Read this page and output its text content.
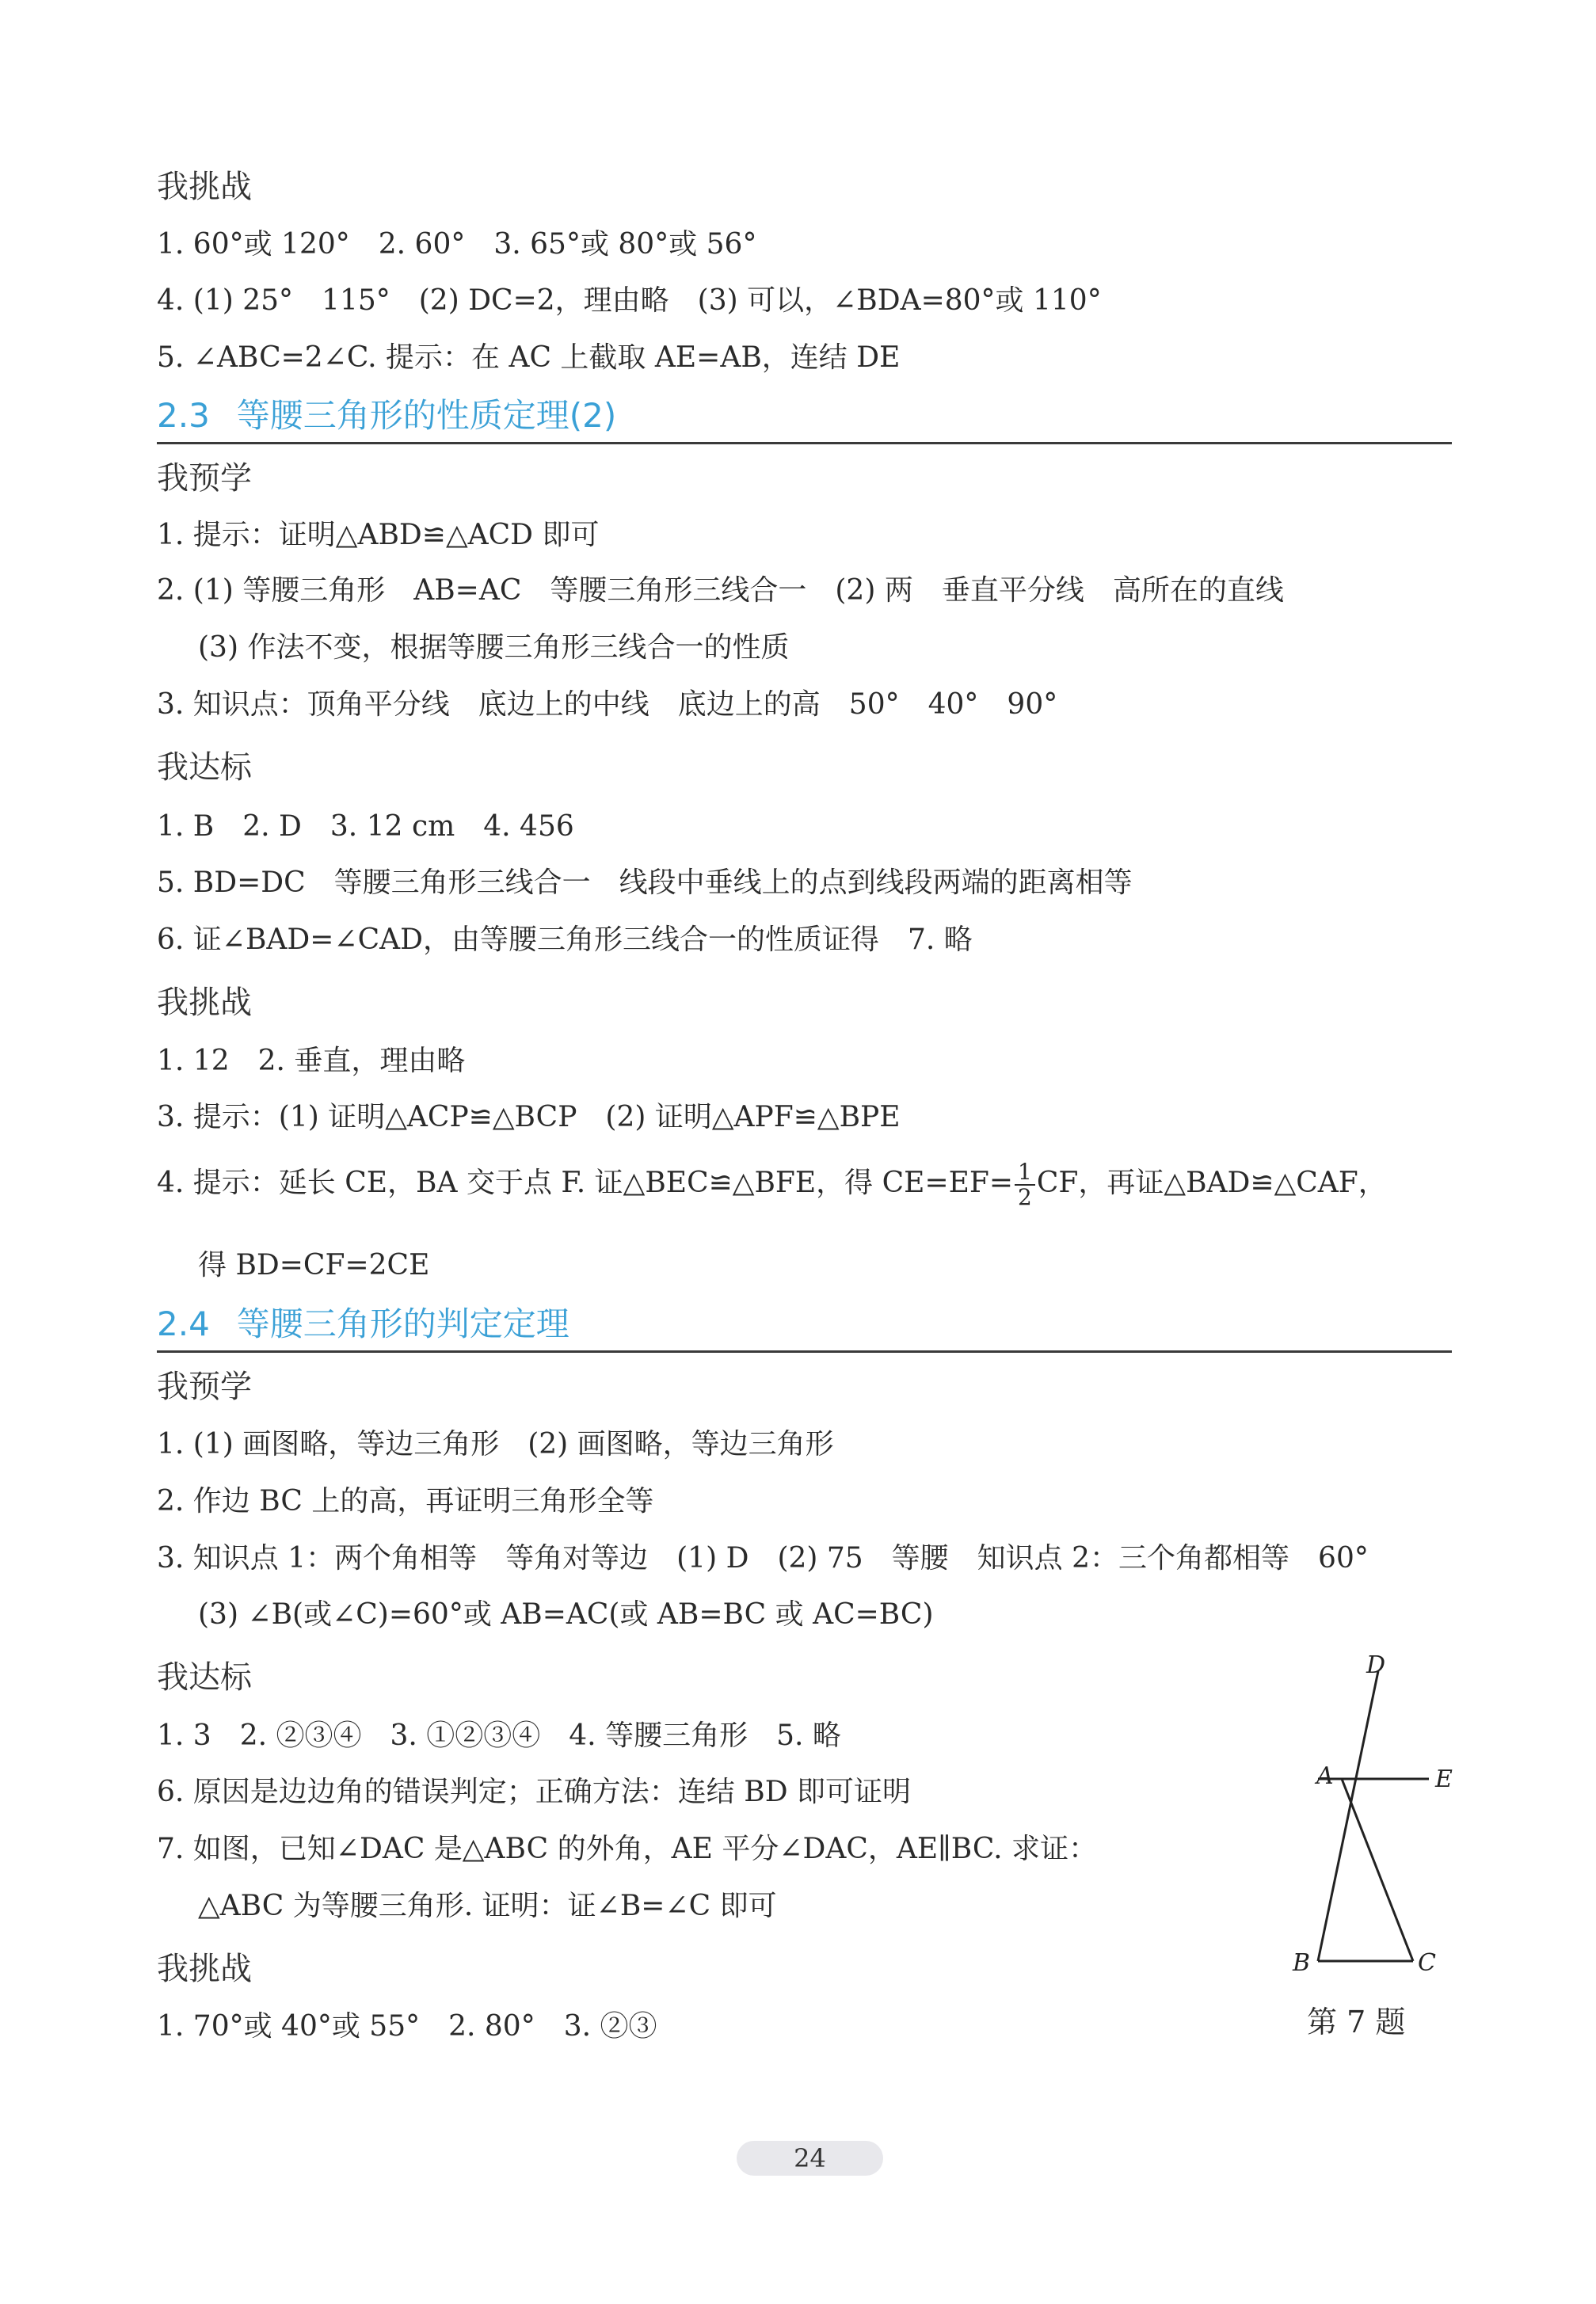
我挑战
1. 60°或 120°　2. 60°　3. 65°或 80°或 56°
4. (1) 25°　115°　(2) DC=2，理由略　(3) 可以，∠BDA=80°或 110°
5. ∠ABC=2∠C. 提示：在 AC 上截取 AE=AB，连结 DE
2.3 等腰三角形的性质定理(2)
我预学
1. 提示：证明△ABD≌△ACD 即可
2. (1) 等腰三角形　AB=AC　等腰三角形三线合一　(2) 两　垂直平分线　高所在的直线
(3) 作法不变，根据等腰三角形三线合一的性质
3. 知识点：顶角平分线　底边上的中线　底边上的高　50°　40°　90°
我达标
1. B　2. D　3. 12 cm　4. 456
5. BD=DC　等腰三角形三线合一　线段中垂线上的点到线段两端的距离相等
6. 证∠BAD=∠CAD，由等腰三角形三线合一的性质证得　7. 略
我挑战
1. 12　2. 垂直，理由略
3. 提示：(1) 证明△ACP≌△BCP　(2) 证明△APF≌△BPE
4. 提示：延长 CE，BA 交于点 F. 证△BEC≌△BFE，得 $CE=EF= \frac{1}{2}$ CF，再证△BAD≌△CAF，
得 BD=CF=2CE
2.4 等腰三角形的判定定理
我预学
1. (1) 画图略，等边三角形　(2) 画图略，等边三角形
2. 作边 BC 上的高，再证明三角形全等
3. 知识点 1：两个角相等　等角对等边　(1) D　(2) 75　等腰　知识点 2：三个角都相等　60°
(3) ∠B(或∠C)=60°或 AB=AC(或 AB=BC 或 AC=BC)
我达标
1. 3　2. ②③④　3. ①②③④　4. 等腰三角形　5. 略
6. 原因是边边角的错误判定；正确方法：连结 BD 即可证明
7. 如图，已知∠DAC 是△ABC 的外角，AE 平分∠DAC，AE∥BC. 求证：
△ABC 为等腰三角形. 证明：证∠B=∠C 即可
我挑战
1. 70°或 40°或 55°　2. 80°　3. ②③
D
A	E
B	C
第 7 题
24
